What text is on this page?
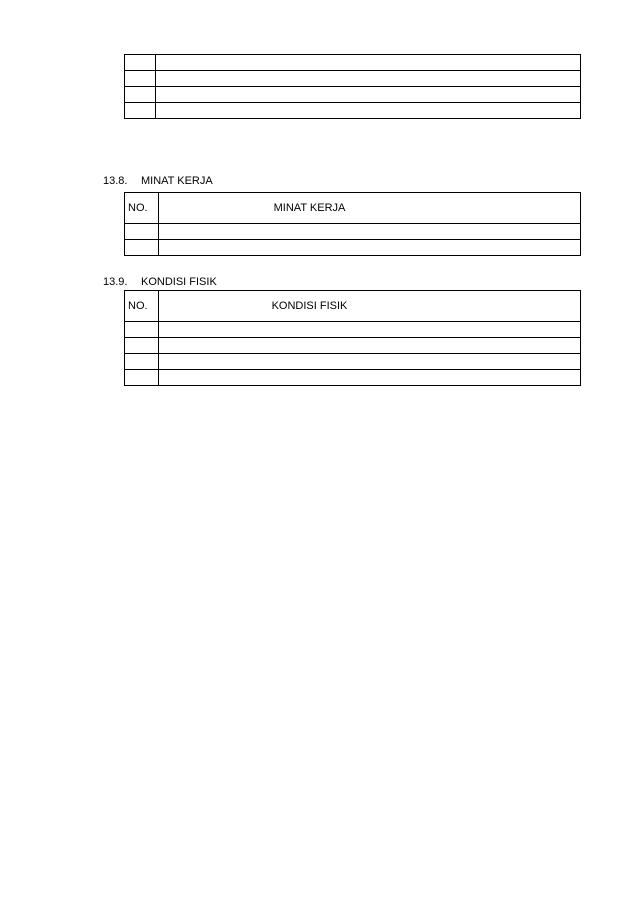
13.8. MINAT KERJA
NO.	MINAT KERJA

13.9. KONDISI FISIK
NO.	KONDISI FISIK
